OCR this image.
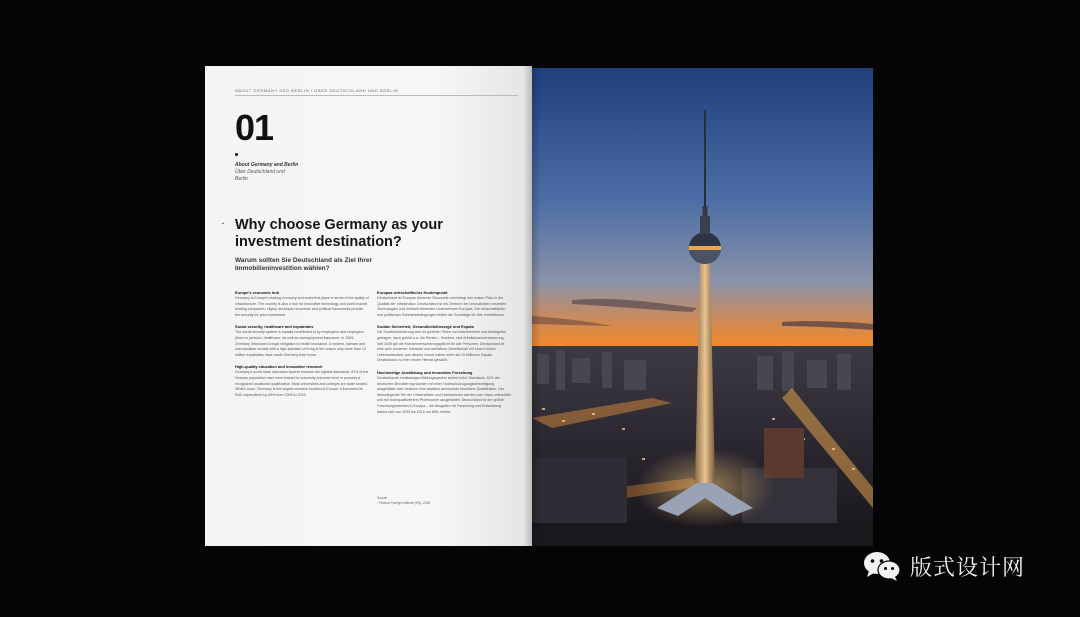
ABOUT GERMANY AND BERLIN / ÜBER DEUTSCHLAND UND BERLIN
01
About Germany and Berlin
Über Deutschland und
Berlin
▪ Why choose Germany as your investment destination?
Warum sollten Sie Deutschland als Ziel Ihrer Immobilieninvestition wählen?
Europe's economic hub

Germany is Europe's leading economy and ranks first place in terms of the quality of infrastructure. The country is also a hub for innovative technology and world market leading companies. Highly developed economic and political frameworks provide the security for your investment.

Social security, healthcare and expatriates

The social security system is equally contributed to by employees and employers (there is pension, healthcare, as well as unemployment insurance. In 2009, Germany introduced a legal obligation to health insurance. A modern, tolerant and cosmopolitan society with a high standard of living is the reason why more than 10 million expatriates have made Germany their home.

High-quality education and innovative research

Germany's world class education system ensures the highest standards. 81% of the German population have been trained to university entrance level or possess a recognized vocational qualification. Most universities and colleges are state funded. What's more, Germany is the largest research location in Europe: it increased its R&D expenditure by 65% from 2005 to 2015.

Europas wirtschaftlicher Knotenpunkt

Deutschland ist Europas führende Ökonomie und belegt den ersten Platz in der Qualität der Infrastruktur. Deutschland ist ein Zentrum der innovativsten neuesten Technologien und weltweit führender Unternehmen Europas. Die wirtschaftlichen und politischen Rahmenbedingungen bilden die Grundlage für Ihre Investitionen.

Soziale Sicherheit, Gesundheitsfürsorge und Expats

Die Sozialversicherung wird zu gleichen Teilen von Arbeitnehmer und Arbeitgeber getragen, dazu gehört u.a. die Renten-, Kranken- und Arbeitslosenversicherung. Seit 2009 gilt die Krankenversicherungspflicht für alle Personen. Deutschland ist eine sehr moderne, tolerante und weltoffene Gesellschaft mit einem hohen Lebensstandard, aus diesem Grund haben mehr als 10 Millionen Expats Deutschland zu ihrer neuen Heimat gewählt.

Hochwertige Ausbildung und innovative Forschung

Deutschlands erstklassiges Bildungssystem sichert hohe Standards. 81% der deutschen Bevölkerung wurden mit einer Hochschulzugangsberechtigung ausgebildet oder besitzen eine staatlich anerkannte berufliche Qualifikation. Der überwiegende Teil der Universitäten und Hochschulen werden vom Staat unterstützt und mit hochqualifiziertem Professoren ausgestattet. Deutschland ist der größte Forschungsstandort in Europa – die Ausgaben für Forschung und Entwicklung haben sich von 2005 bis 2015 um 65% erhöht.

Source
¹ Federal Foreign Institute (IFA), 2016
版式设计网
